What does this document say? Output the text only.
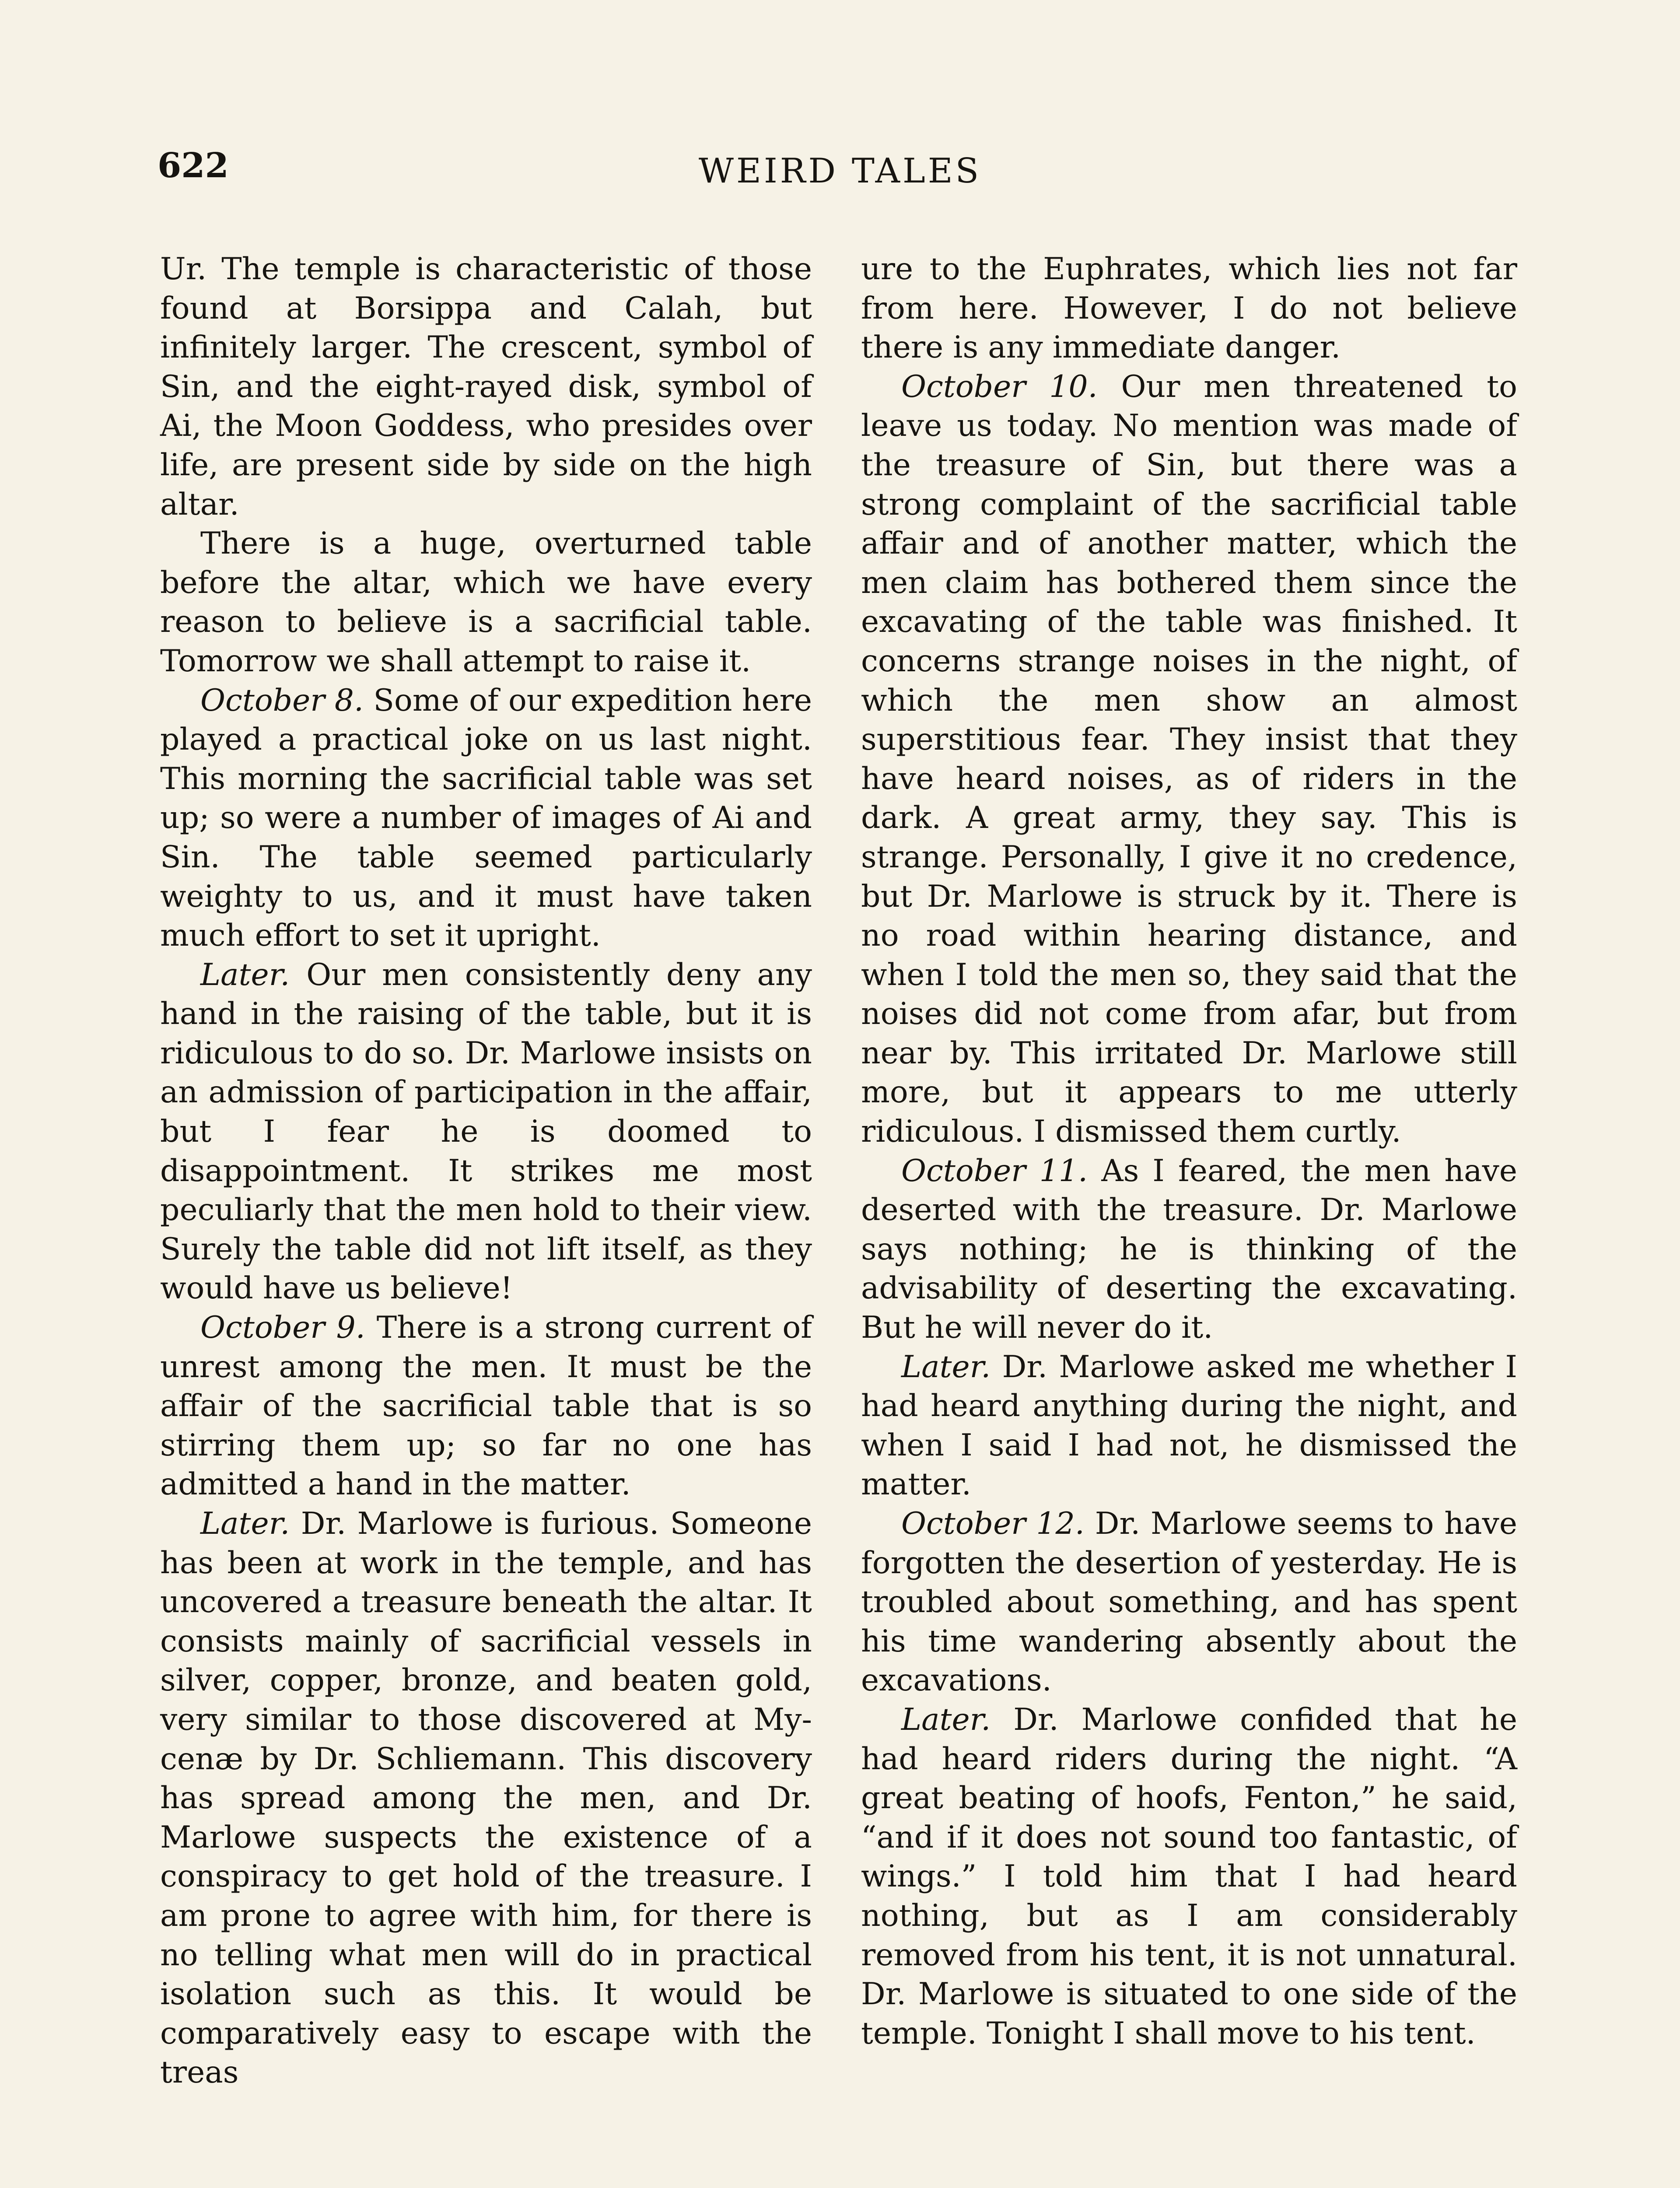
622	WEIRD TALES

Ur. The temple is characteristic of those found at Borsippa and Calah, but infinitely larger. The crescent, symbol of Sin, and the eight-rayed disk, symbol of Ai, the Moon Goddess, who presides over life, are present side by side on the high altar.

There is a huge, overturned table before the altar, which we have every reason to believe is a sacrificial table. Tomorrow we shall attempt to raise it.

October 8. Some of our expedition here played a practical joke on us last night. This morning the sacrificial table was set up; so were a number of images of Ai and Sin. The table seemed particularly weighty to us, and it must have taken much effort to set it upright.

Later. Our men consistently deny any hand in the raising of the table, but it is ridiculous to do so. Dr. Marlowe insists on an admission of participation in the affair, but I fear he is doomed to disappointment. It strikes me most peculiarly that the men hold to their view. Surely the table did not lift itself, as they would have us believe!

October 9. There is a strong current of unrest among the men. It must be the affair of the sacrificial table that is so stirring them up; so far no one has admitted a hand in the matter.

Later. Dr. Marlowe is furious. Someone has been at work in the temple, and has uncovered a treasure beneath the altar. It consists mainly of sacrificial vessels in silver, copper, bronze, and beaten gold, very similar to those discovered at Mycenæ by Dr. Schliemann. This discovery has spread among the men, and Dr. Marlowe suspects the existence of a conspiracy to get hold of the treasure. I am prone to agree with him, for there is no telling what men will do in practical isolation such as this. It would be comparatively easy to escape with the treas

ure to the Euphrates, which lies not far from here. However, I do not believe there is any immediate danger.

October 10. Our men threatened to leave us today. No mention was made of the treasure of Sin, but there was a strong complaint of the sacrificial table affair and of another matter, which the men claim has bothered them since the excavating of the table was finished. It concerns strange noises in the night, of which the men show an almost superstitious fear. They insist that they have heard noises, as of riders in the dark. A great army, they say. This is strange. Personally, I give it no credence, but Dr. Marlowe is struck by it. There is no road within hearing distance, and when I told the men so, they said that the noises did not come from afar, but from near by. This irritated Dr. Marlowe still more, but it appears to me utterly ridiculous. I dismissed them curtly.

October 11. As I feared, the men have deserted with the treasure. Dr. Marlowe says nothing; he is thinking of the advisability of deserting the excavating. But he will never do it.

Later. Dr. Marlowe asked me whether I had heard anything during the night, and when I said I had not, he dismissed the matter.

October 12. Dr. Marlowe seems to have forgotten the desertion of yesterday. He is troubled about something, and has spent his time wandering absently about the excavations.

Later. Dr. Marlowe confided that he had heard riders during the night. “A great beating of hoofs, Fenton,” he said, “and if it does not sound too fantastic, of wings.” I told him that I had heard nothing, but as I am considerably removed from his tent, it is not unnatural. Dr. Marlowe is situated to one side of the temple. Tonight I shall move to his tent.
